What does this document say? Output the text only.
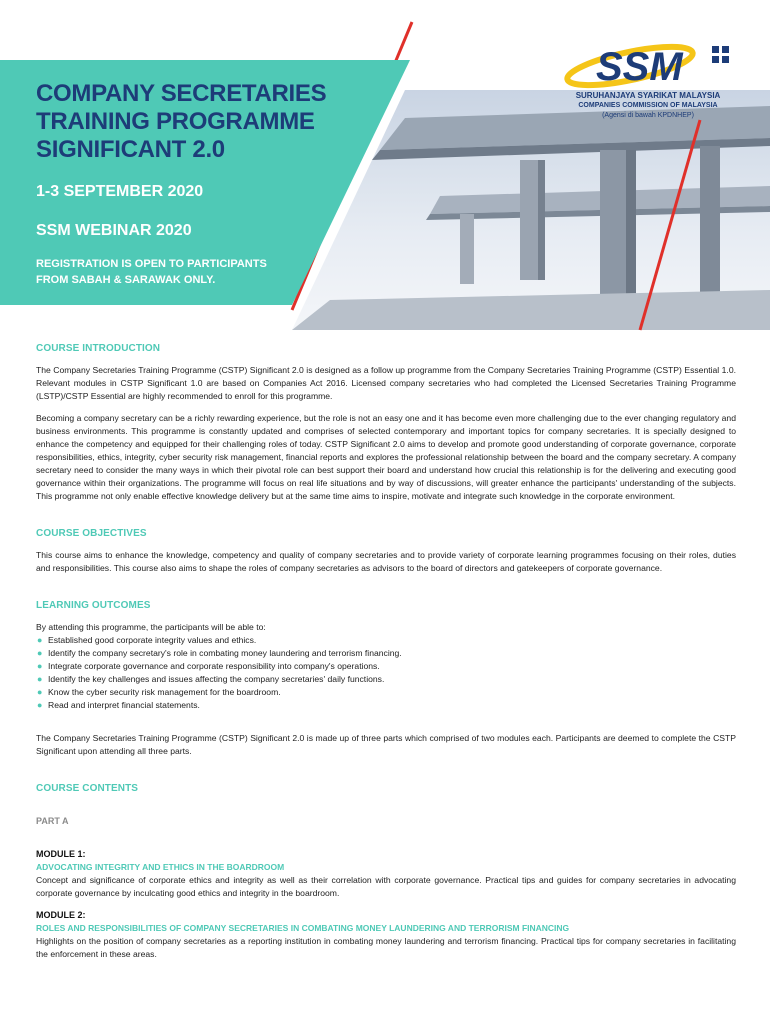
COMPANY SECRETARIES
TRAINING PROGRAMME
SIGNIFICANT 2.0
1-3 SEPTEMBER 2020
SSM WEBINAR 2020
REGISTRATION IS OPEN TO PARTICIPANTS
FROM SABAH & SARAWAK ONLY.
SSM
SURUHANJAYA SYARIKAT MALAYSIA
COMPANIES COMMISSION OF MALAYSIA
(Agensi di bawah KPDNHEP)
COURSE INTRODUCTION

The Company Secretaries Training Programme (CSTP) Significant 2.0 is designed as a follow up programme from the Company Secretaries Training Programme (CSTP) Essential 1.0. Relevant modules in CSTP Significant 1.0 are based on Companies Act 2016. Licensed company secretaries who had completed the Licensed Secretaries Training Programme (LSTP)/CSTP Essential are highly recommended to enroll for this programme.

Becoming a company secretary can be a richly rewarding experience, but the role is not an easy one and it has become even more challenging due to the ever changing regulatory and business environments. This programme is constantly updated and comprises of selected contemporary and important topics for company secretaries. It is specially designed to enhance the competency and equipped for their challenging roles of today. CSTP Significant 2.0 aims to develop and promote good understanding of corporate governance, corporate responsibilities, ethics, integrity, cyber security risk management, financial reports and explores the professional relationship between the board and the company secretary. A company secretary need to consider the many ways in which their pivotal role can best support their board and understand how crucial this relationship is for the delivering and executing good governance within their organizations. The programme will focus on real life situations and by way of discussions, will greater enhance the participants' understanding of the subjects. This programme not only enable effective knowledge delivery but at the same time aims to inspire, motivate and integrate such knowledge in the corporate environment.

COURSE OBJECTIVES

This course aims to enhance the knowledge, competency and quality of company secretaries and to provide variety of corporate learning programmes focusing on their roles, duties and responsibilities. This course also aims to shape the roles of company secretaries as advisors to the board of directors and gatekeepers of corporate governance.

LEARNING OUTCOMES

By attending this programme, the participants will be able to:

● Established good corporate integrity values and ethics.
● Identify the company secretary's role in combating money laundering and terrorism financing.
● Integrate corporate governance and corporate responsibility into company's operations.
● Identify the key challenges and issues affecting the company secretaries' daily functions.
● Know the cyber security risk management for the boardroom.
● Read and interpret financial statements.

The Company Secretaries Training Programme (CSTP) Significant 2.0 is made up of three parts which comprised of two modules each. Participants are deemed to complete the CSTP Significant upon attending all three parts.

COURSE CONTENTS
PART A
MODULE 1:
ADVOCATING INTEGRITY AND ETHICS IN THE BOARDROOM

Concept and significance of corporate ethics and integrity as well as their correlation with corporate governance. Practical tips and guides for company secretaries in advocating corporate governance by inculcating good ethics and integrity in the boardroom.

MODULE 2:
ROLES AND RESPONSIBILITIES OF COMPANY SECRETARIES IN COMBATING MONEY LAUNDERING AND TERRORISM FINANCING

Highlights on the position of company secretaries as a reporting institution in combating money laundering and terrorism financing. Practical tips for company secretaries in facilitating the enforcement in these areas.
